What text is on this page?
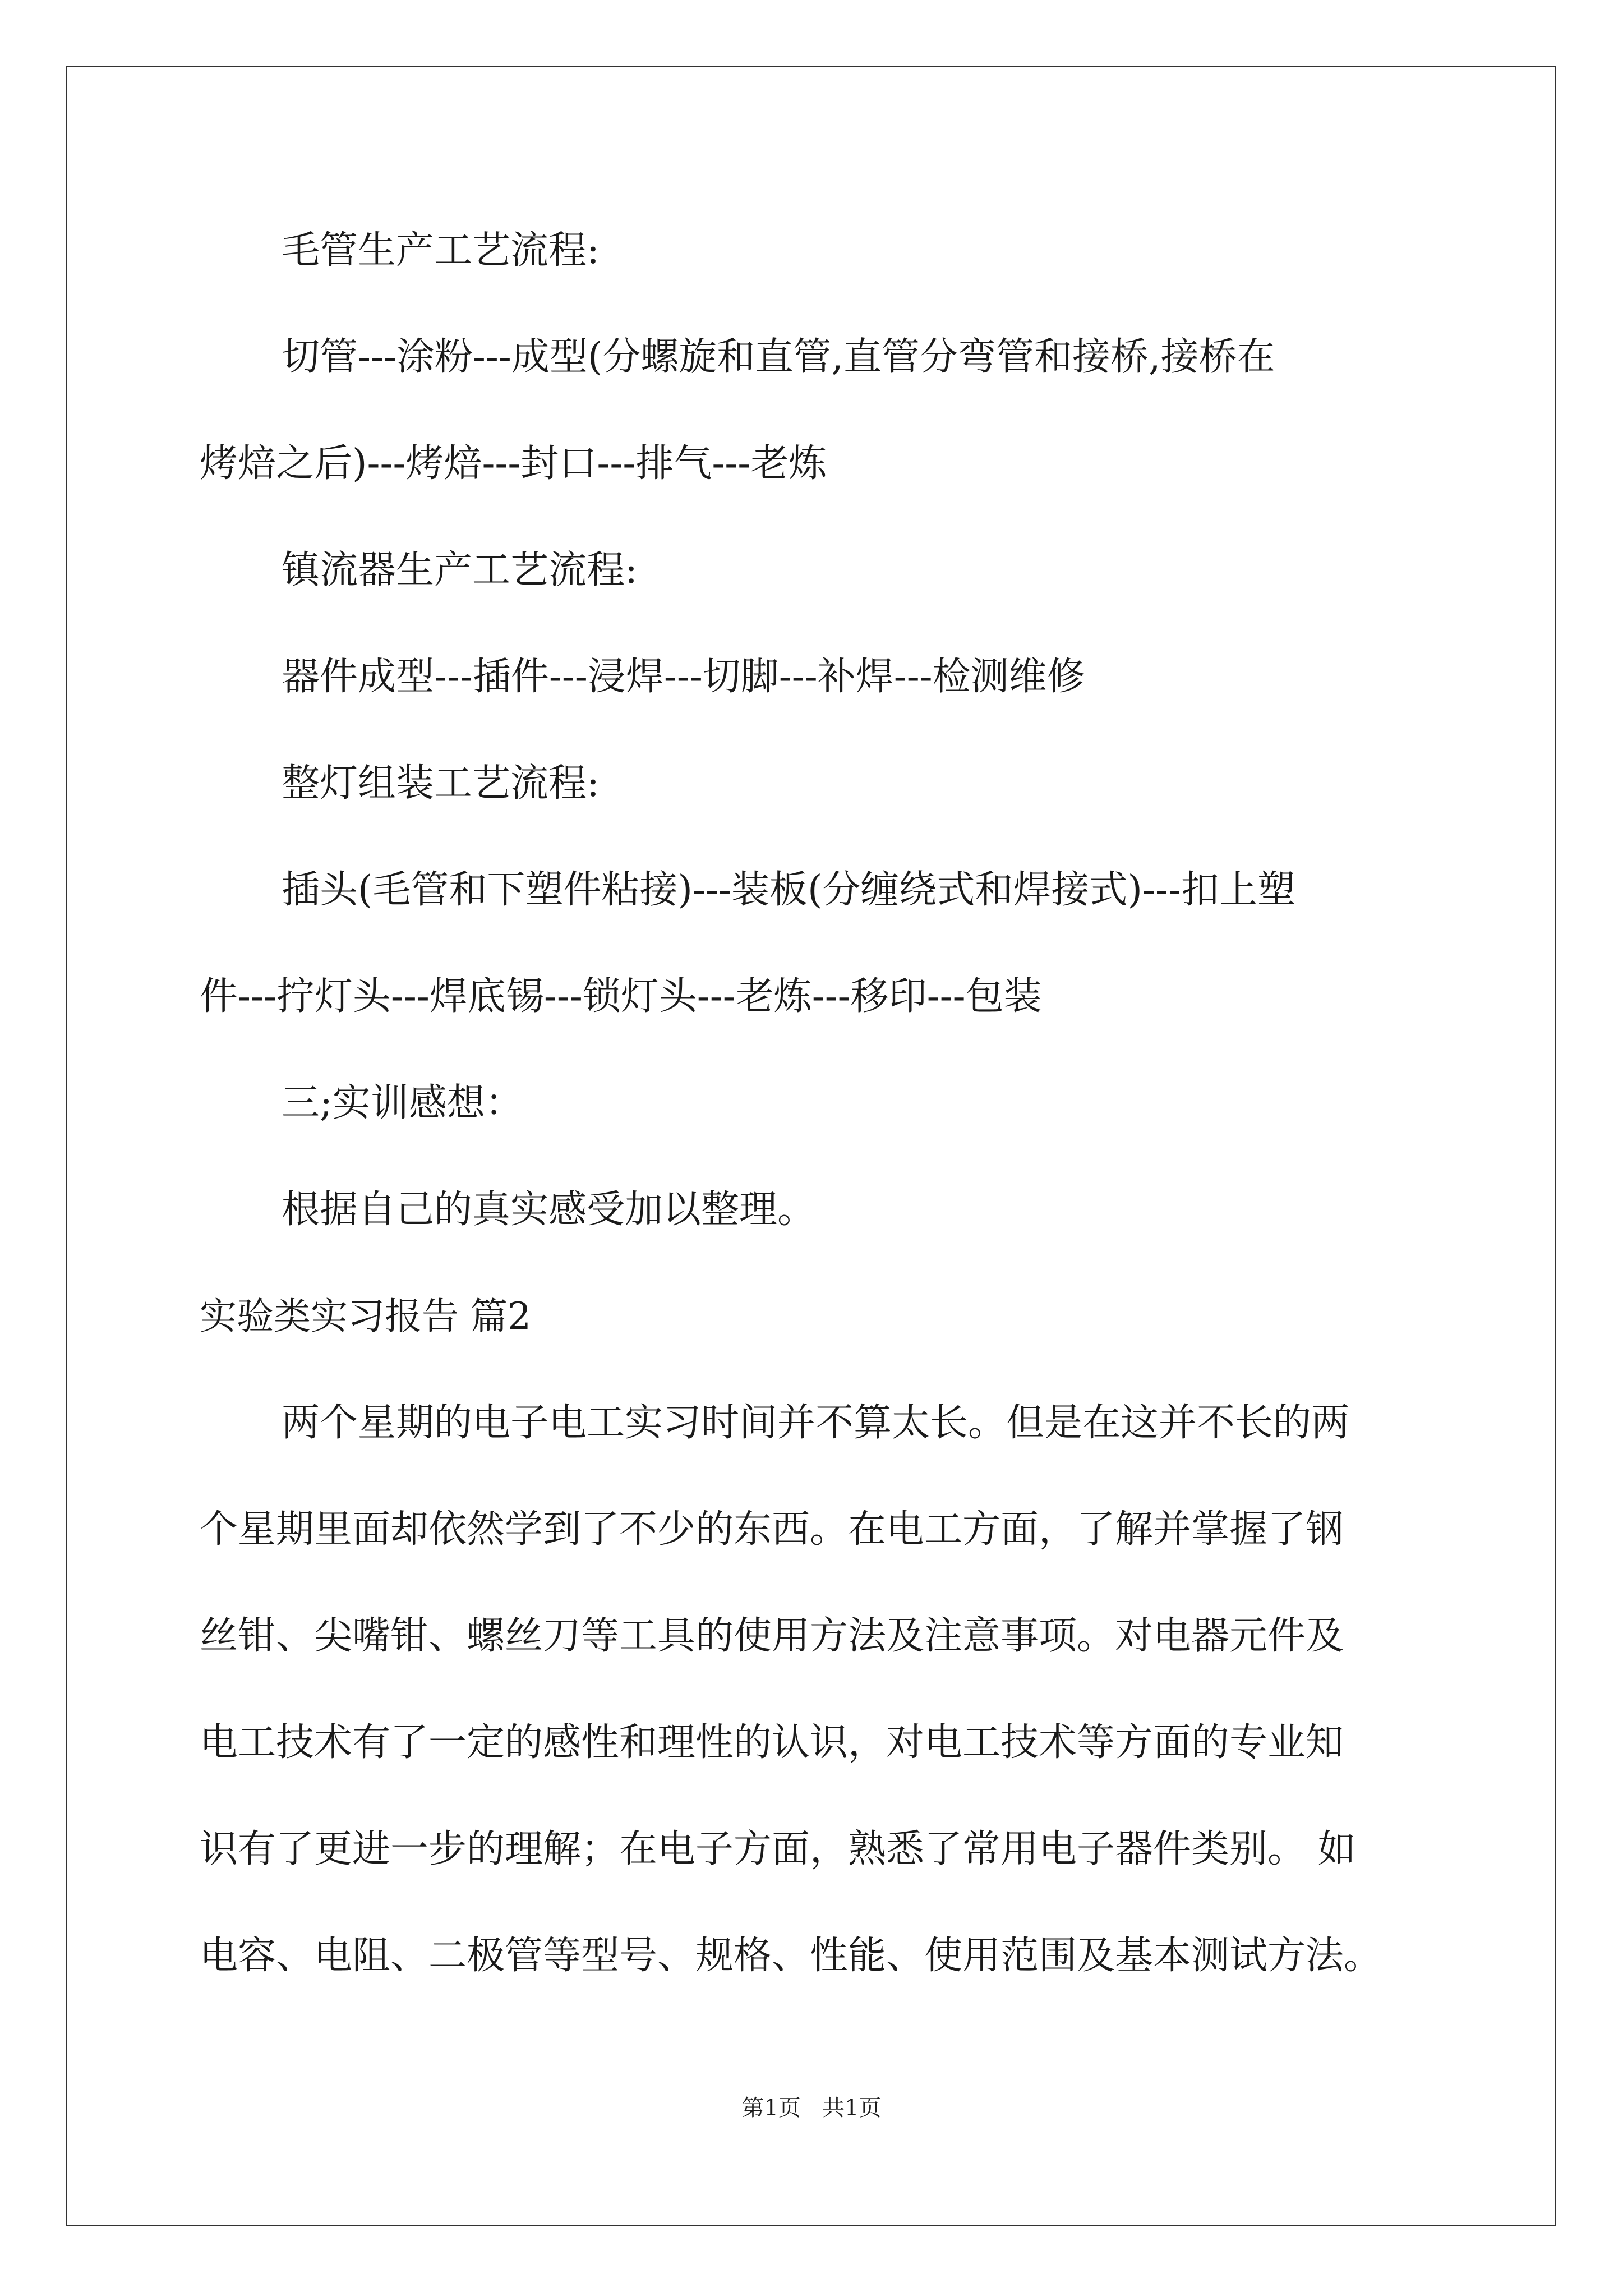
毛管生产工艺流程:
切管---涂粉---成型(分螺旋和直管,直管分弯管和接桥,接桥在
烤焙之后)---烤焙---封口---排气---老炼
镇流器生产工艺流程:
器件成型---插件---浸焊---切脚---补焊---检测维修
整灯组装工艺流程:
插头(毛管和下塑件粘接)---装板(分缠绕式和焊接式)---扣上塑
件---拧灯头---焊底锡---锁灯头---老炼---移印---包装
三;实训感想：
根据自己的真实感受加以整理。
实验类实习报告 篇2
两个星期的电子电工实习时间并不算太长。但是在这并不长的两
个星期里面却依然学到了不少的东西。在电工方面，了解并掌握了钢
丝钳、尖嘴钳、螺丝刀等工具的使用方法及注意事项。对电器元件及
电工技术有了一定的感性和理性的认识，对电工技术等方面的专业知
识有了更进一步的理解；在电子方面，熟悉了常用电子器件类别。 如
电容、电阻、二极管等型号、规格、性能、使用范围及基本测试方法。
第1页   共1页
